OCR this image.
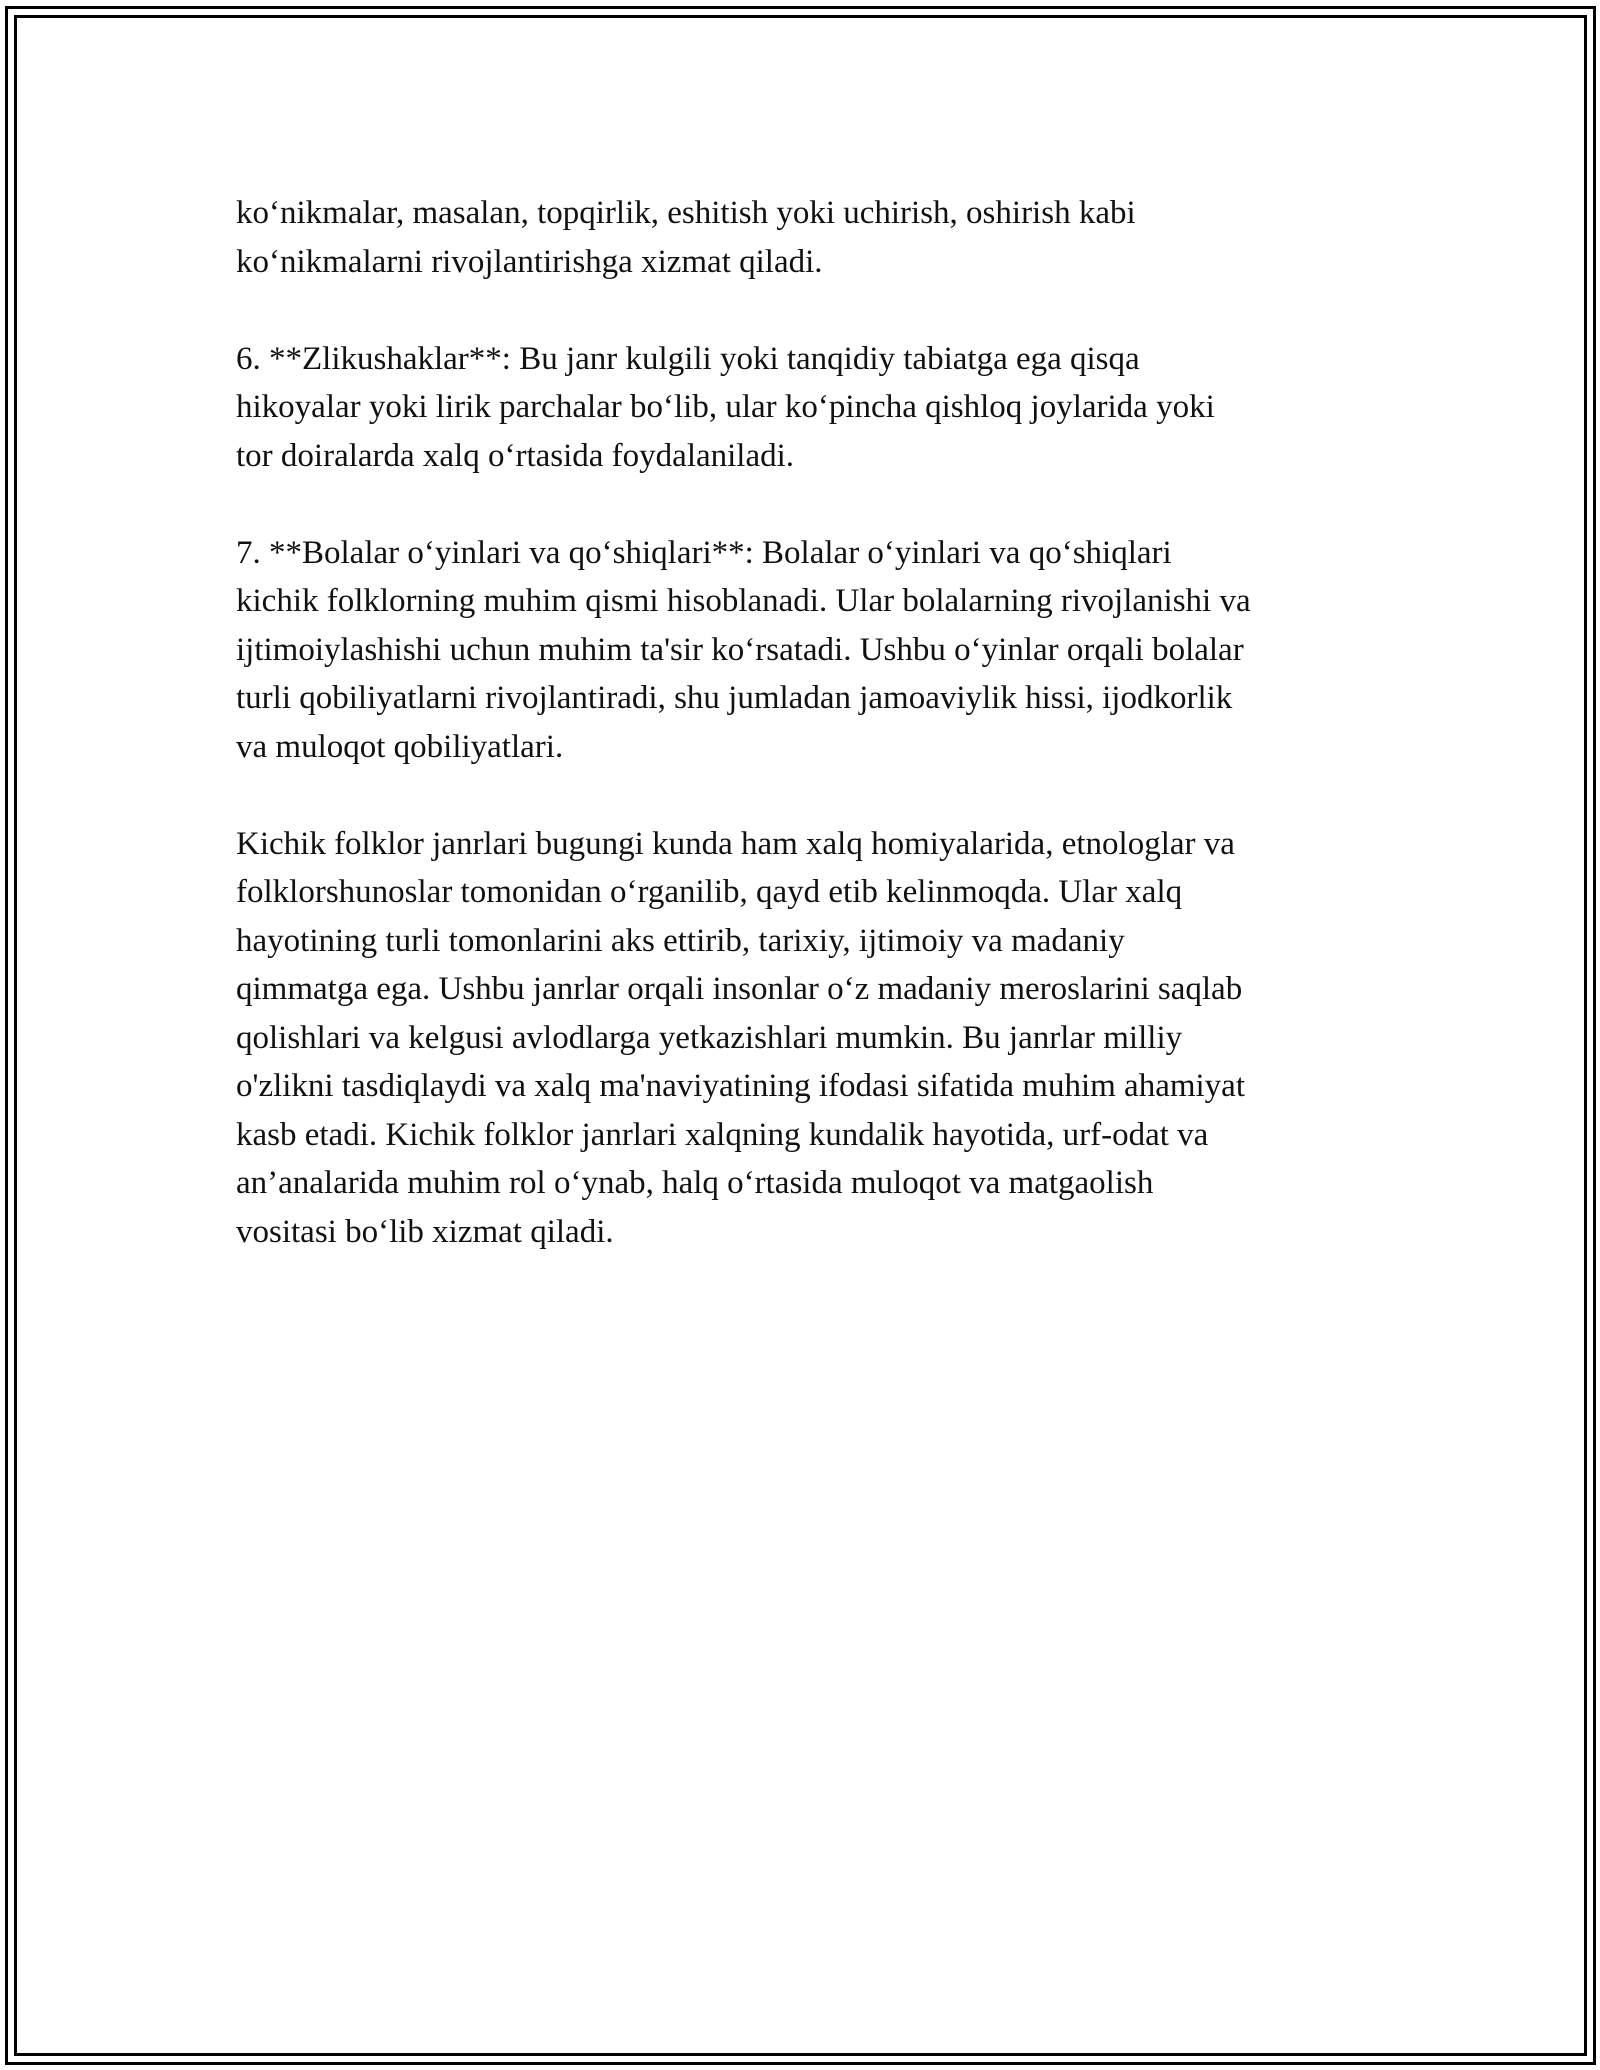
ko‘nikmalar, masalan, topqirlik, eshitish yoki uchirish, oshirish kabi
ko‘nikmalarni rivojlantirishga xizmat qiladi.

6. **Zlikushaklar**: Bu janr kulgili yoki tanqidiy tabiatga ega qisqa
hikoyalar yoki lirik parchalar bo‘lib, ular ko‘pincha qishloq joylarida yoki
tor doiralarda xalq o‘rtasida foydalaniladi.

7. **Bolalar o‘yinlari va qo‘shiqlari**: Bolalar o‘yinlari va qo‘shiqlari
kichik folklorning muhim qismi hisoblanadi. Ular bolalarning rivojlanishi va
ijtimoiylashishi uchun muhim ta'sir ko‘rsatadi. Ushbu o‘yinlar orqali bolalar
turli qobiliyatlarni rivojlantiradi, shu jumladan jamoaviylik hissi, ijodkorlik
va muloqot qobiliyatlari.

Kichik folklor janrlari bugungi kunda ham xalq homiyalarida, etnologlar va
folklorshunoslar tomonidan o‘rganilib, qayd etib kelinmoqda. Ular xalq
hayotining turli tomonlarini aks ettirib, tarixiy, ijtimoiy va madaniy
qimmatga ega. Ushbu janrlar orqali insonlar o‘z madaniy meroslarini saqlab
qolishlari va kelgusi avlodlarga yetkazishlari mumkin. Bu janrlar milliy
o'zlikni tasdiqlaydi va xalq ma'naviyatining ifodasi sifatida muhim ahamiyat
kasb etadi. Kichik folklor janrlari xalqning kundalik hayotida, urf-odat va
an’analarida muhim rol o‘ynab, halq o‘rtasida muloqot va matgaolish
vositasi bo‘lib xizmat qiladi.
